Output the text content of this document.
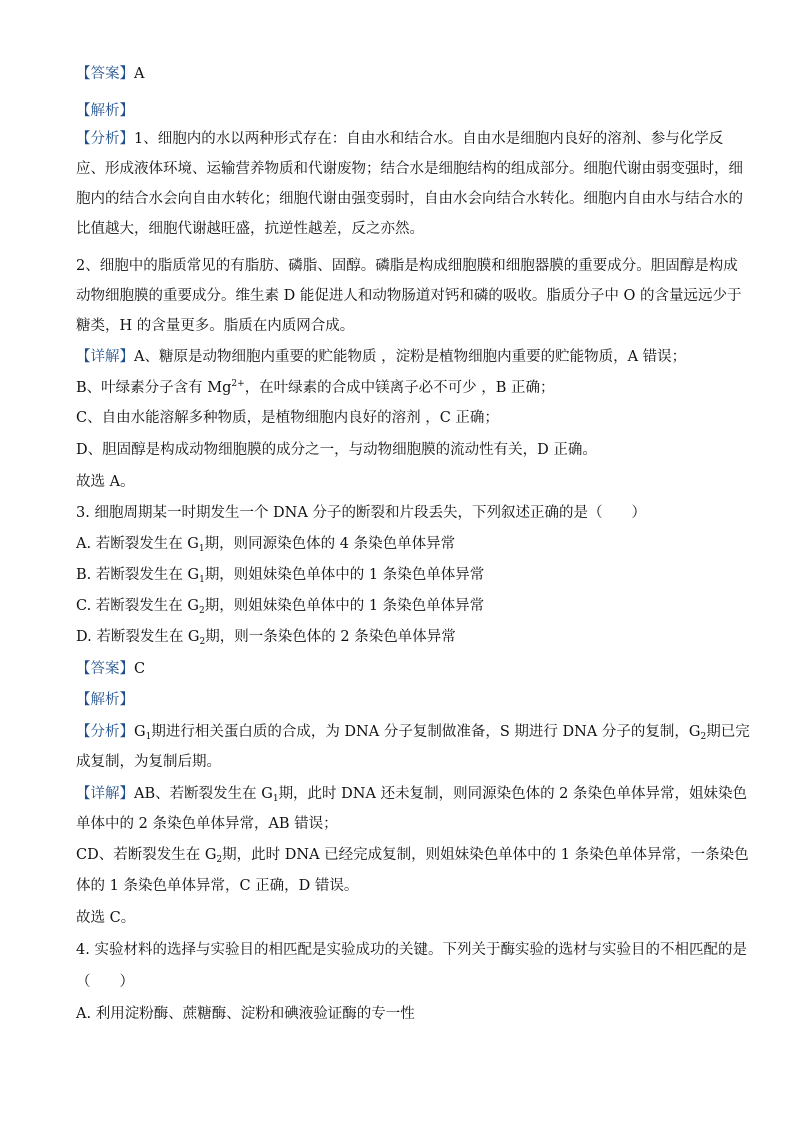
【答案】A
【解析】
【分析】1、细胞内的水以两种形式存在：自由水和结合水。自由水是细胞内良好的溶剂、参与化学反
应、形成液体环境、运输营养物质和代谢废物；结合水是细胞结构的组成部分。细胞代谢由弱变强时，细
胞内的结合水会向自由水转化；细胞代谢由强变弱时，自由水会向结合水转化。细胞内自由水与结合水的
比值越大，细胞代谢越旺盛，抗逆性越差，反之亦然。
2、细胞中的脂质常见的有脂肪、磷脂、固醇。磷脂是构成细胞膜和细胞器膜的重要成分。胆固醇是构成
动物细胞膜的重要成分。维生素 D 能促进人和动物肠道对钙和磷的吸收。脂质分子中 O 的含量远远少于
糖类，H 的含量更多。脂质在内质网合成。
【详解】A、糖原是动物细胞内重要的贮能物质 ，淀粉是植物细胞内重要的贮能物质，A 错误；
B、叶绿素分子含有 $Mg^{2+}$，在叶绿素的合成中镁离子必不可少 ，B 正确；
C、自由水能溶解多种物质，是植物细胞内良好的溶剂 ，C 正确；
D、胆固醇是构成动物细胞膜的成分之一，与动物细胞膜的流动性有关，D 正确。
故选 A。
3. 细胞周期某一时期发生一个 DNA 分子的断裂和片段丢失，下列叙述正确的是（　　）
A. 若断裂发生在 $G_1$期，则同源染色体的 4 条染色单体异常
B. 若断裂发生在 $G_1$期，则姐妹染色单体中的 1 条染色单体异常
C. 若断裂发生在 $G_2$期，则姐妹染色单体中的 1 条染色单体异常
D. 若断裂发生在 $G_2$期，则一条染色体的 2 条染色单体异常
【答案】C
【解析】
【分析】$G_1$期进行相关蛋白质的合成，为 DNA 分子复制做准备，S 期进行 DNA 分子的复制，$G_2$期已完
成复制，为复制后期。
【详解】AB、若断裂发生在 $G_1$期，此时 DNA 还未复制，则同源染色体的 2 条染色单体异常，姐妹染色
单体中的 2 条染色单体异常，AB 错误；
CD、若断裂发生在 $G_2$期，此时 DNA 已经完成复制，则姐妹染色单体中的 1 条染色单体异常，一条染色
体的 1 条染色单体异常，C 正确，D 错误。
故选 C。
4. 实验材料的选择与实验目的相匹配是实验成功的关键。下列关于酶实验的选材与实验目的不相匹配的是
（　　）
A. 利用淀粉酶、蔗糖酶、淀粉和碘液验证酶的专一性
